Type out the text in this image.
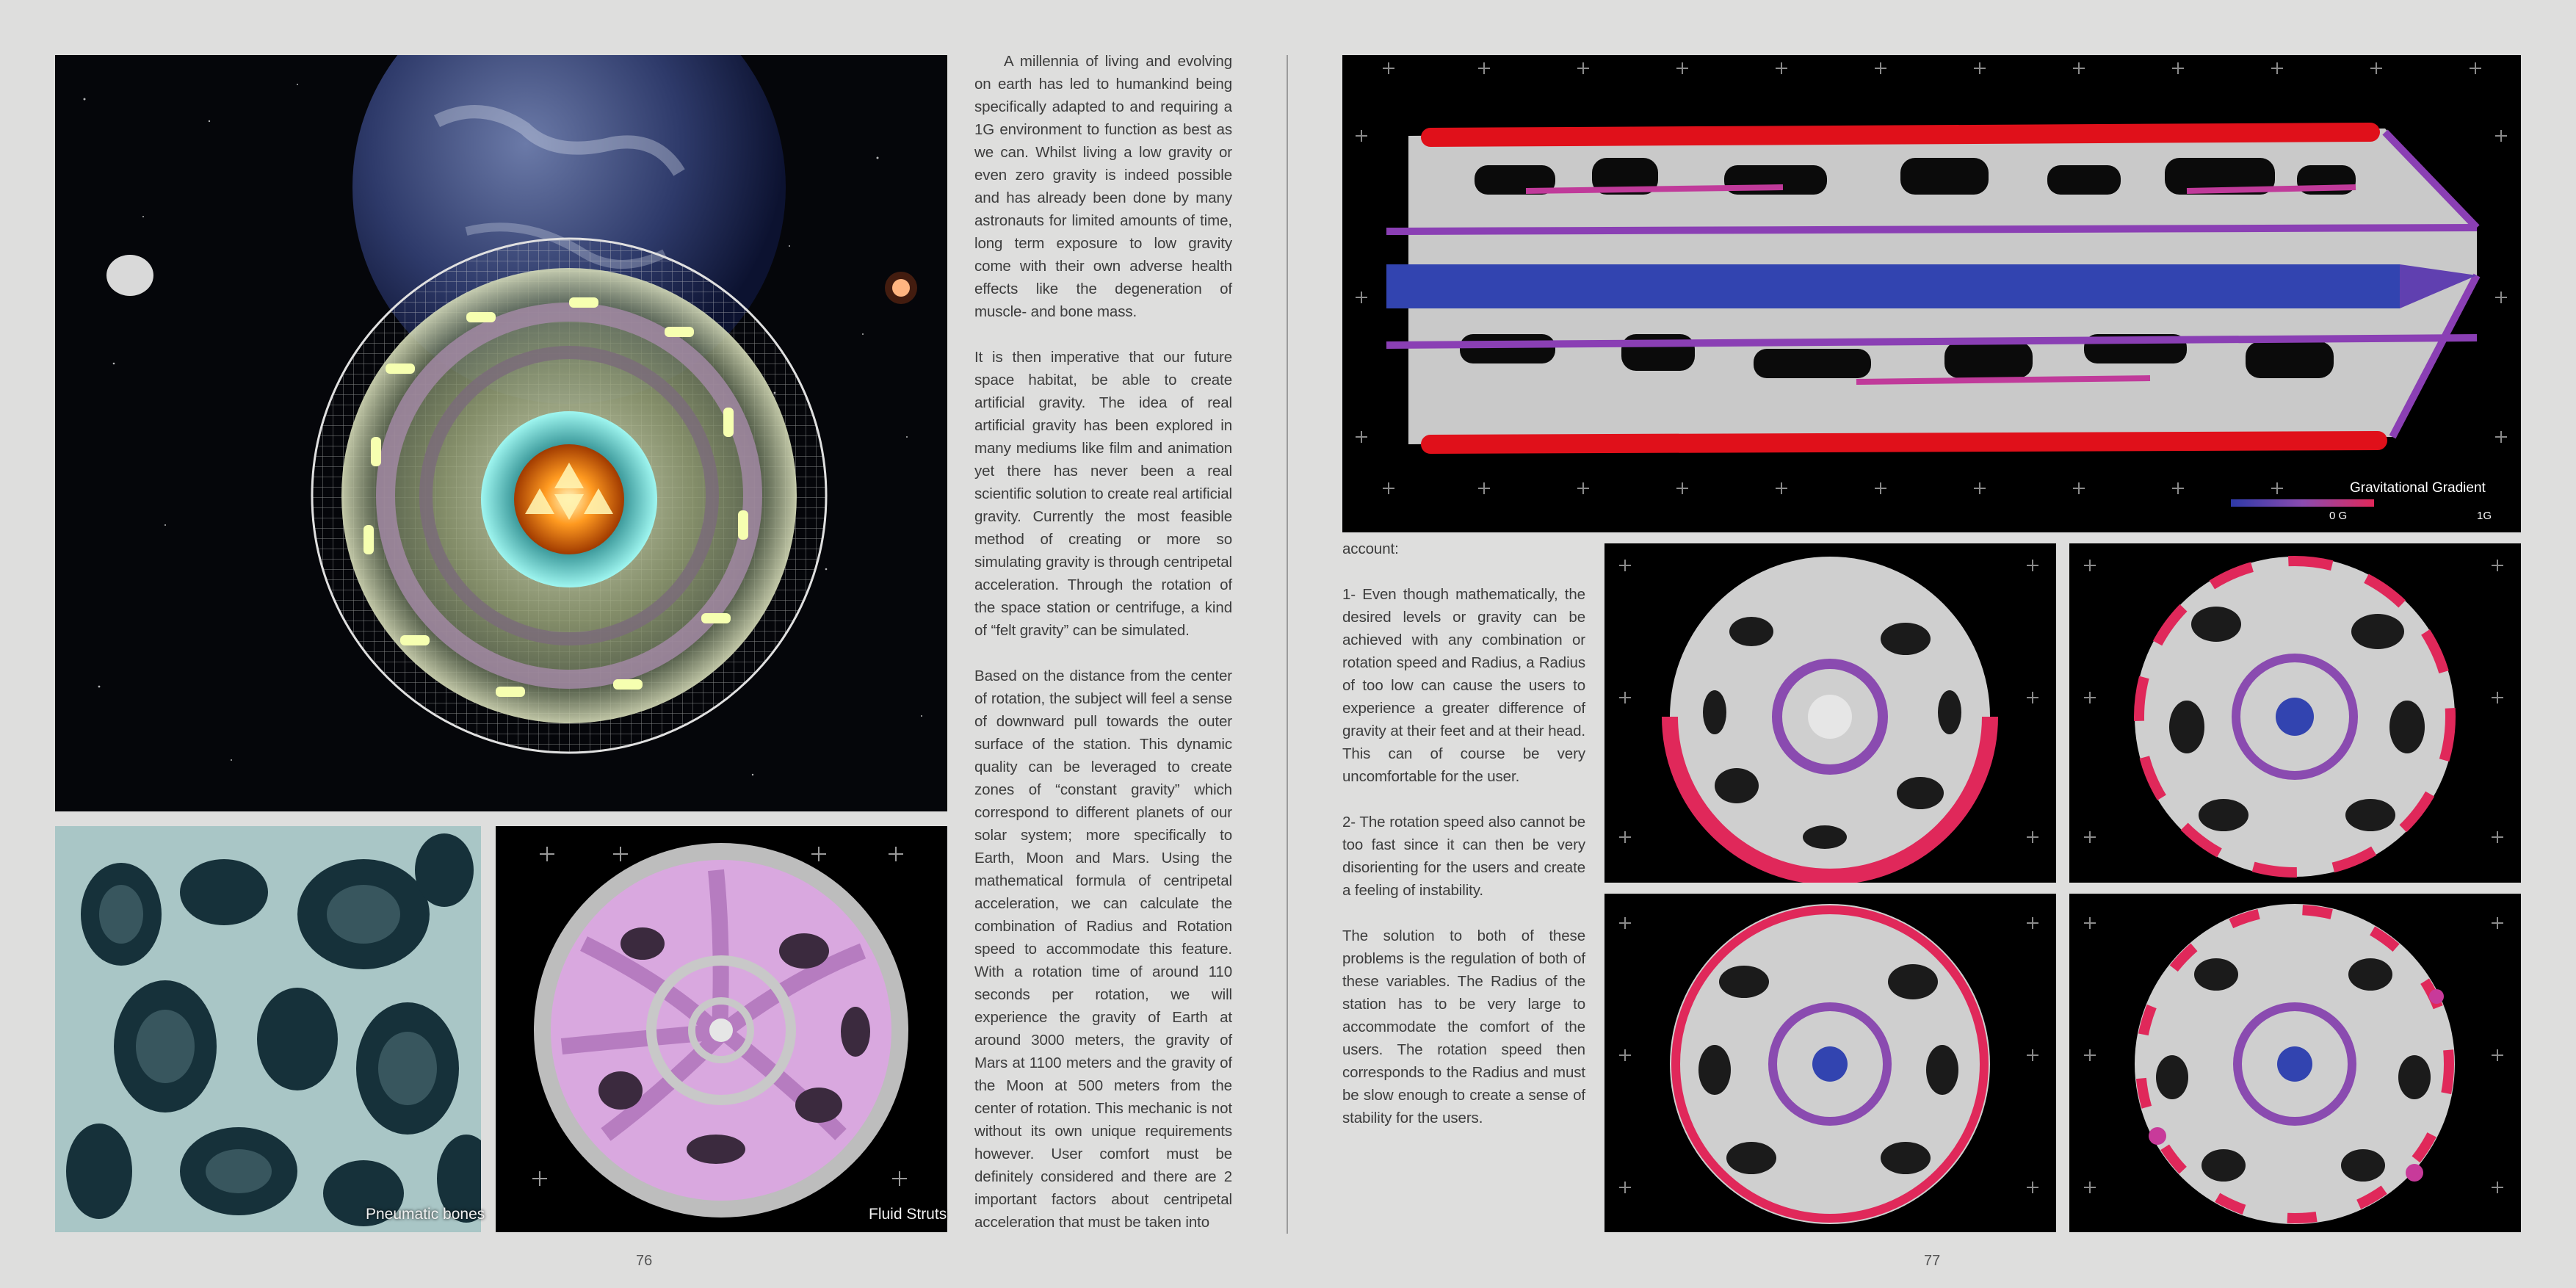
Pneumatic bones	Fluid Struts

A millennia of living and evolving on earth has led to humankind being specifically adapted to and requiring a 1G environment to function as best as we can. Whilst living a low gravity or even zero gravity is indeed possible and has already been done by many astronauts for limited amounts of time, long term exposure to low gravity come with their own adverse health effects like the degeneration of muscle- and bone mass.

It is then imperative that our future space habitat, be able to create artificial gravity. The idea of real artificial gravity has been explored in many mediums like film and animation yet there has never been a real scientific solution to create real artificial gravity. Currently the most feasible method of creating or more so simulating gravity is through centripetal acceleration. Through the rotation of the space station or centrifuge, a kind of “felt gravity” can be simulated.

Based on the distance from the center of rotation, the subject will feel a sense of downward pull towards the outer surface of the station. This dynamic quality can be leveraged to create zones of “constant gravity” which correspond to different planets of our solar system; more specifically to Earth, Moon and Mars. Using the mathematical formula of centripetal acceleration, we can calculate the combination of Radius and Rotation speed to accommodate this feature. With a rotation time of around 110 seconds per rotation, we will experience the gravity of Earth at around 3000 meters, the gravity of Mars at 1100 meters and the gravity of the Moon at 500 meters from the center of rotation. This mechanic is not without its own unique requirements however. User comfort must be definitely considered and there are 2 important factors about centripetal acceleration that must be taken into

76
Gravitational Gradient
0 G	1G

account:

1- Even though mathematically, the desired levels or gravity can be achieved with any combination or rotation speed and Radius, a Radius of too low can cause the users to experience a greater difference of gravity at their feet and at their head. This can of course be very uncomfortable for the user.

2- The rotation speed also cannot be too fast since it can then be very disorienting for the users and create a feeling of instability.

The solution to both of these problems is the regulation of both of these variables. The Radius of the station has to be very large to accommodate the comfort of the users. The rotation speed then corresponds to the Radius and must be slow enough to create a sense of stability for the users.

77
